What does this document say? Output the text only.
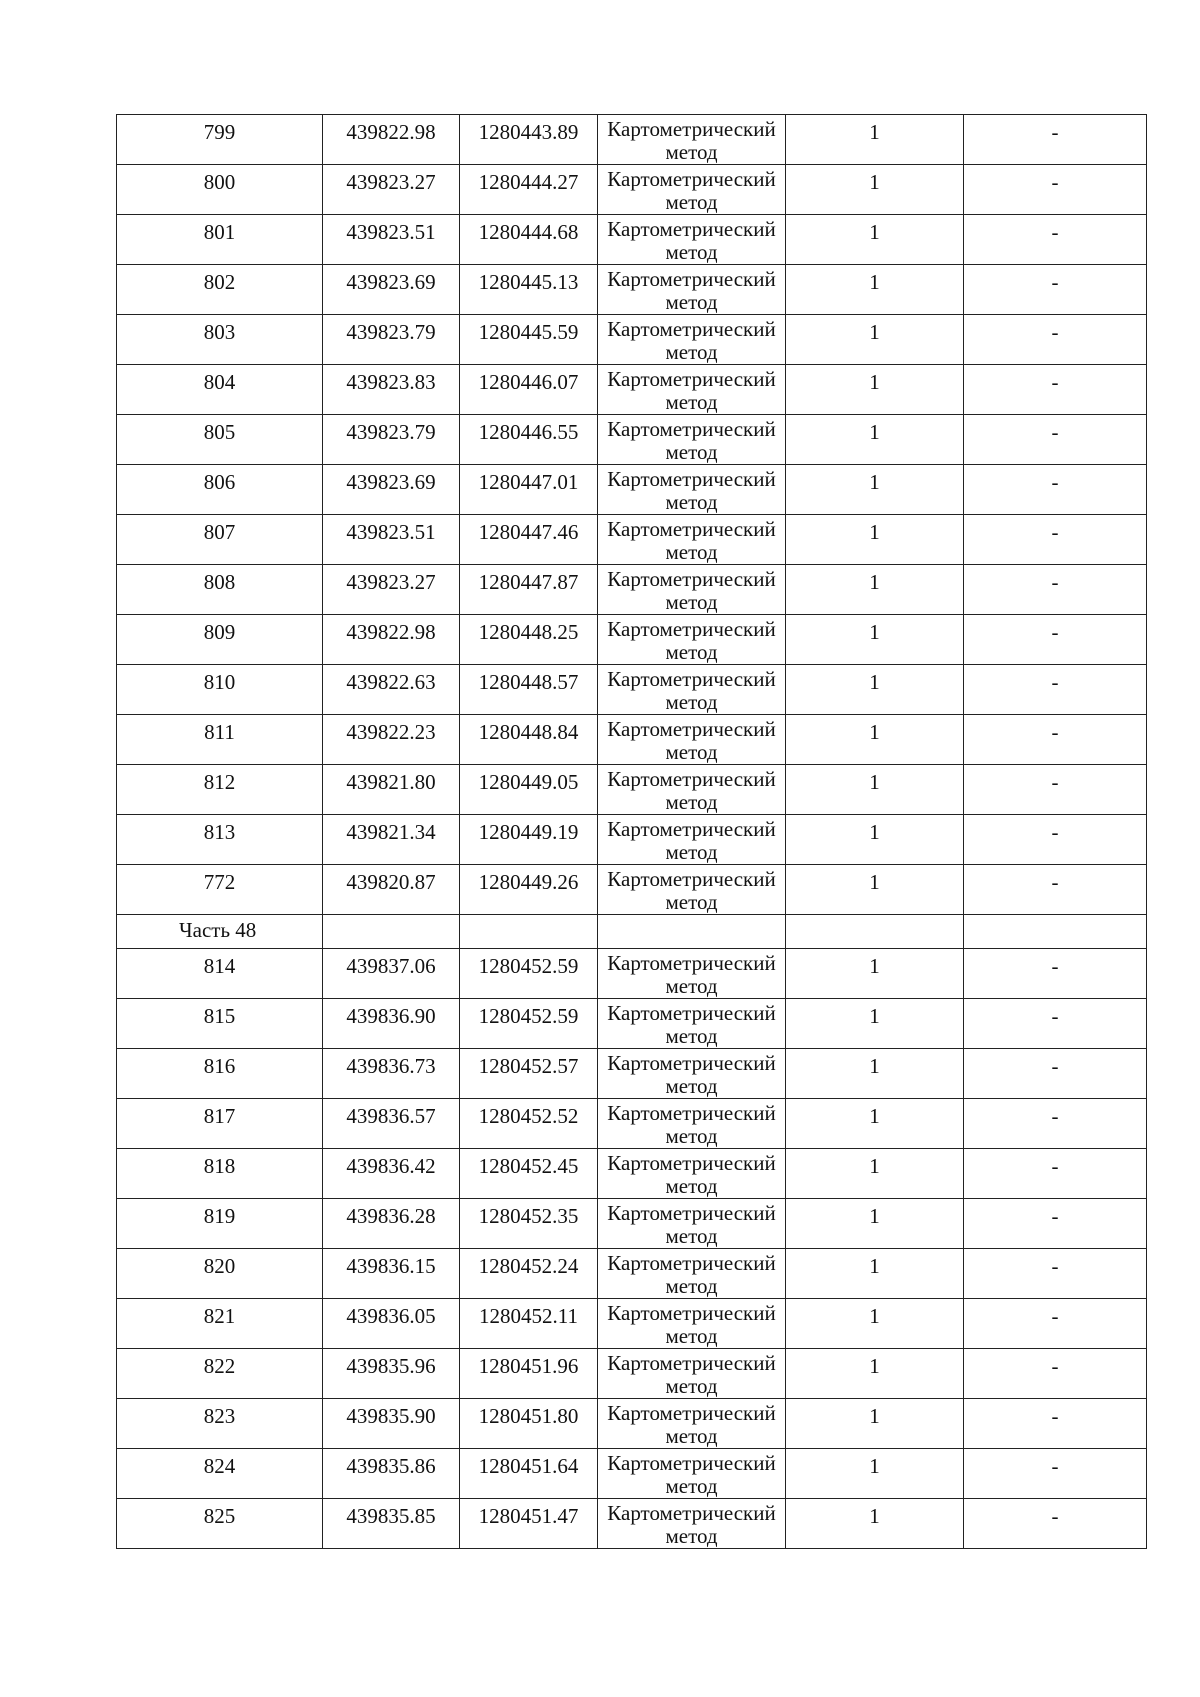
799	439822.98	1280443.89	Картометрический
метод	1	-

800	439823.27	1280444.27	Картометрический
метод	1	-

801	439823.51	1280444.68	Картометрический
метод	1	-

802	439823.69	1280445.13	Картометрический
метод	1	-

803	439823.79	1280445.59	Картометрический
метод	1	-

804	439823.83	1280446.07	Картометрический
метод	1	-

805	439823.79	1280446.55	Картометрический
метод	1	-

806	439823.69	1280447.01	Картометрический
метод	1	-

807	439823.51	1280447.46	Картометрический
метод	1	-

808	439823.27	1280447.87	Картометрический
метод	1	-

809	439822.98	1280448.25	Картометрический
метод	1	-

810	439822.63	1280448.57	Картометрический
метод	1	-

811	439822.23	1280448.84	Картометрический
метод	1	-

812	439821.80	1280449.05	Картометрический
метод	1	-

813	439821.34	1280449.19	Картометрический
метод	1	-

772	439820.87	1280449.26	Картометрический
метод	1	-

Часть 48					

814	439837.06	1280452.59	Картометрический
метод	1	-

815	439836.90	1280452.59	Картометрический
метод	1	-

816	439836.73	1280452.57	Картометрический
метод	1	-

817	439836.57	1280452.52	Картометрический
метод	1	-

818	439836.42	1280452.45	Картометрический
метод	1	-

819	439836.28	1280452.35	Картометрический
метод	1	-

820	439836.15	1280452.24	Картометрический
метод	1	-

821	439836.05	1280452.11	Картометрический
метод	1	-

822	439835.96	1280451.96	Картометрический
метод	1	-

823	439835.90	1280451.80	Картометрический
метод	1	-

824	439835.86	1280451.64	Картометрический
метод	1	-

825	439835.85	1280451.47	Картометрический
метод	1	-
